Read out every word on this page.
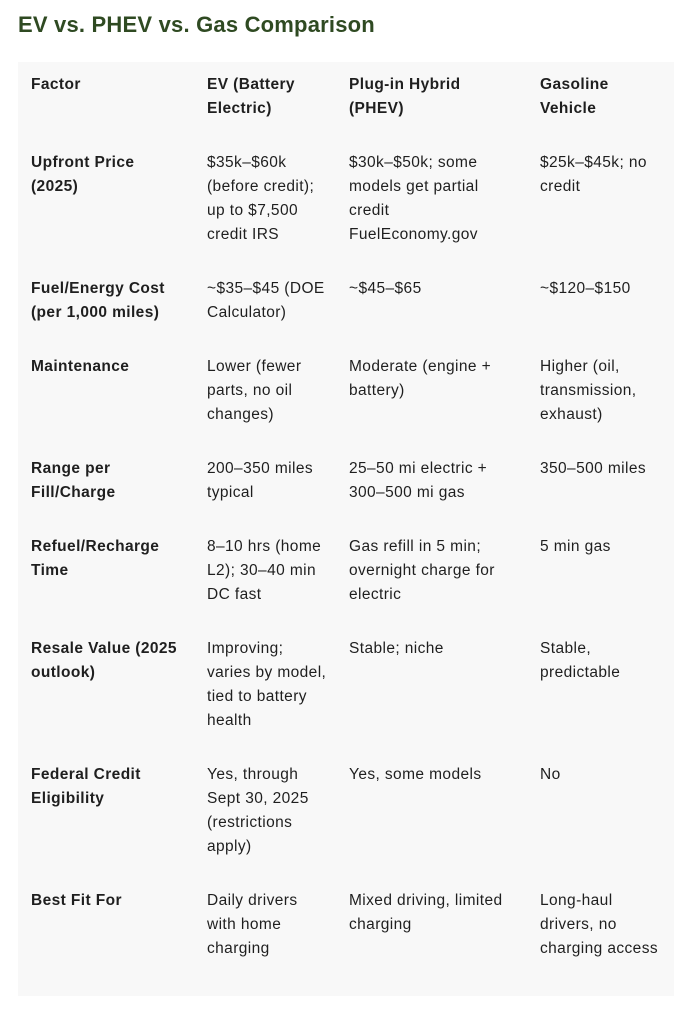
EV vs. PHEV vs. Gas Comparison
Factor	EV (Battery Electric)	Plug-in Hybrid (PHEV)	Gasoline Vehicle
Upfront Price (2025)	$35k–$60k (before credit); up to $7,500 credit IRS	$30k–$50k; some models get partial credit FuelEconomy.gov	$25k–$45k; no credit
Fuel/Energy Cost (per 1,000 miles)	~$35–$45 (DOE Calculator)	~$45–$65	~$120–$150
Maintenance	Lower (fewer parts, no oil changes)	Moderate (engine + battery)	Higher (oil, transmission, exhaust)
Range per Fill/Charge	200–350 miles typical	25–50 mi electric + 300–500 mi gas	350–500 miles
Refuel/Recharge Time	8–10 hrs (home L2); 30–40 min DC fast	Gas refill in 5 min; overnight charge for electric	5 min gas
Resale Value (2025 outlook)	Improving; varies by model, tied to battery health	Stable; niche	Stable, predictable
Federal Credit Eligibility	Yes, through Sept 30, 2025 (restrictions apply)	Yes, some models	No
Best Fit For	Daily drivers with home charging	Mixed driving, limited charging	Long-haul drivers, no charging access
